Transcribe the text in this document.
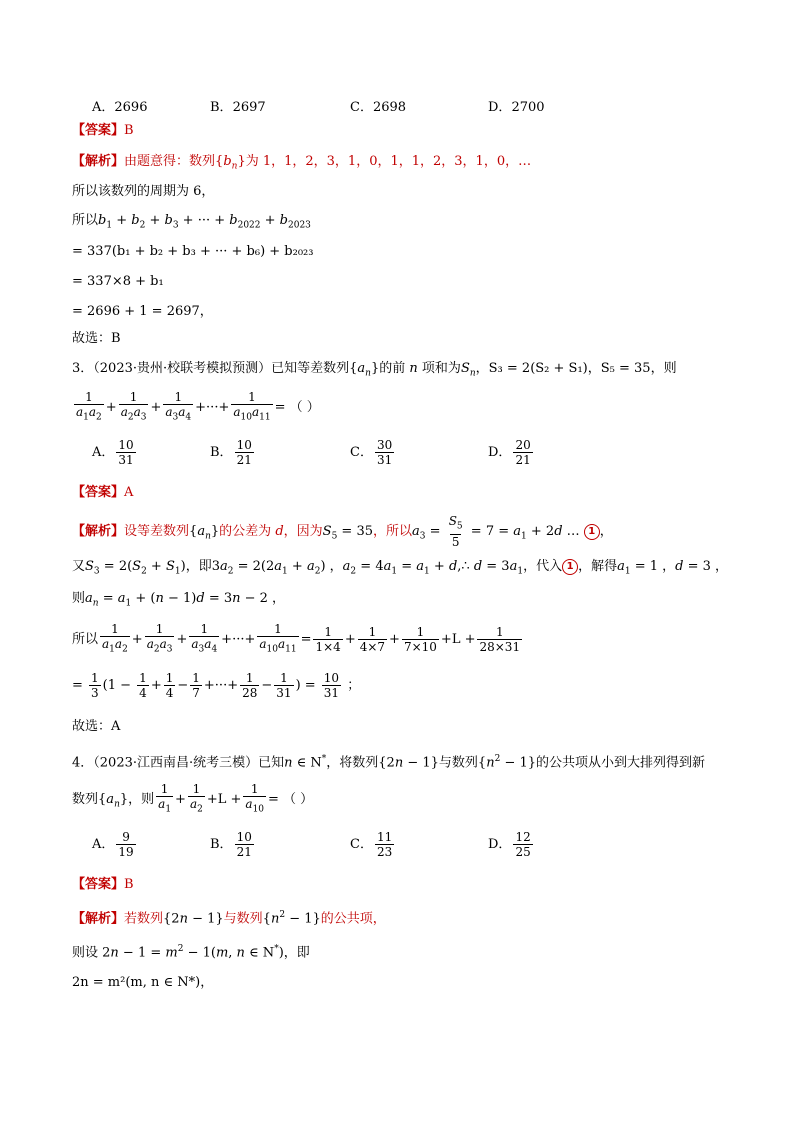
A．2696	B．2697	C．2698	D．2700
【答案】B
【解析】由题意得：数列$\{b_n\}$为 1，1，2，3，1，0，1，1，2，3，1，0，…
所以该数列的周期为 6，
所以$b_1 + b_2 + b_3$ + ··· + $b_{2022} + b_{2023}$
= 337(b₁ + b₂ + b₃ + ··· + b₆) + b₂₀₂₃
= 337×8 + b₁
= 2696 + 1 = 2697，
故选：B
3．（2023·贵州·校联考模拟预测）已知等差数列$\{a_n\}$的前 n 项和为$S_n$，S₃ = 2(S₂ + S₁)，S₅ = 35，则
$\frac{1}{a_1a_2} + \frac{1}{a_2a_3} + \frac{1}{a_3a_4}$ +···+ $\frac{1}{a_{10}a_{11}}$ = （ ）
A． $\frac{10}{31}$	B． $\frac{10}{21}$	C． $\frac{30}{31}$	D． $\frac{20}{21}$
【答案】A
【解析】设等差数列$\{a_n\}$的公差为 d，因为$S_5 = 35$，所以$a_3 = \frac{S_5}{5} = 7 = a_1 + 2d$ … 1 ，
又$S_3 = 2(S_2 + S_1)$，即$3a_2 = 2(2a_1 + a_2)$ ，$a_2 = 4a_1 = a_1$ + d,∴ $d = 3a_1$，代入 1 ，解得$a_1 = 1$ ，d = 3 ，
则$a_n = a_1 + (n - 1)d = 3n - 2$ ，
所以 $\frac{1}{a_1a_2} + \frac{1}{a_2a_3} + \frac{1}{a_3a_4}$ +···+ $\frac{1}{a_{10}a_{11}} = \frac{1}{1\times 4} + \frac{1}{4\times 7} + \frac{1}{7\times 10} +L + \frac{1}{28\times 31}$
= $\frac{1}{3} (1 - \frac{1}{4} + \frac{1}{4} - \frac{1}{7}$ +···+ $\frac{1}{28} - \frac{1}{31}$ ) = $\frac{10}{31}$ ；
故选：A
4．（2023·江西南昌·统考三模）已知n ∈ N*，将数列{2n − 1}与数列$\{n^2 - 1\}$的公共项从小到大排列得到新
数列$\{a_n\}$，则 $\frac{1}{a_1} + \frac{1}{a_2} +L + \frac{1}{a_{10}}$ = （ ）
A． $\frac{9}{19}$	B． $\frac{10}{21}$	C． $\frac{11}{23}$	D． $\frac{12}{25}$
【答案】B
【解析】若数列{2n − 1}与数列$\{n^2 - 1\}$的公共项，
则设 $2n - 1 = m^2 - 1(m$, n ∈ N*)，即
2n = m²(m, n ∈ N*)，
